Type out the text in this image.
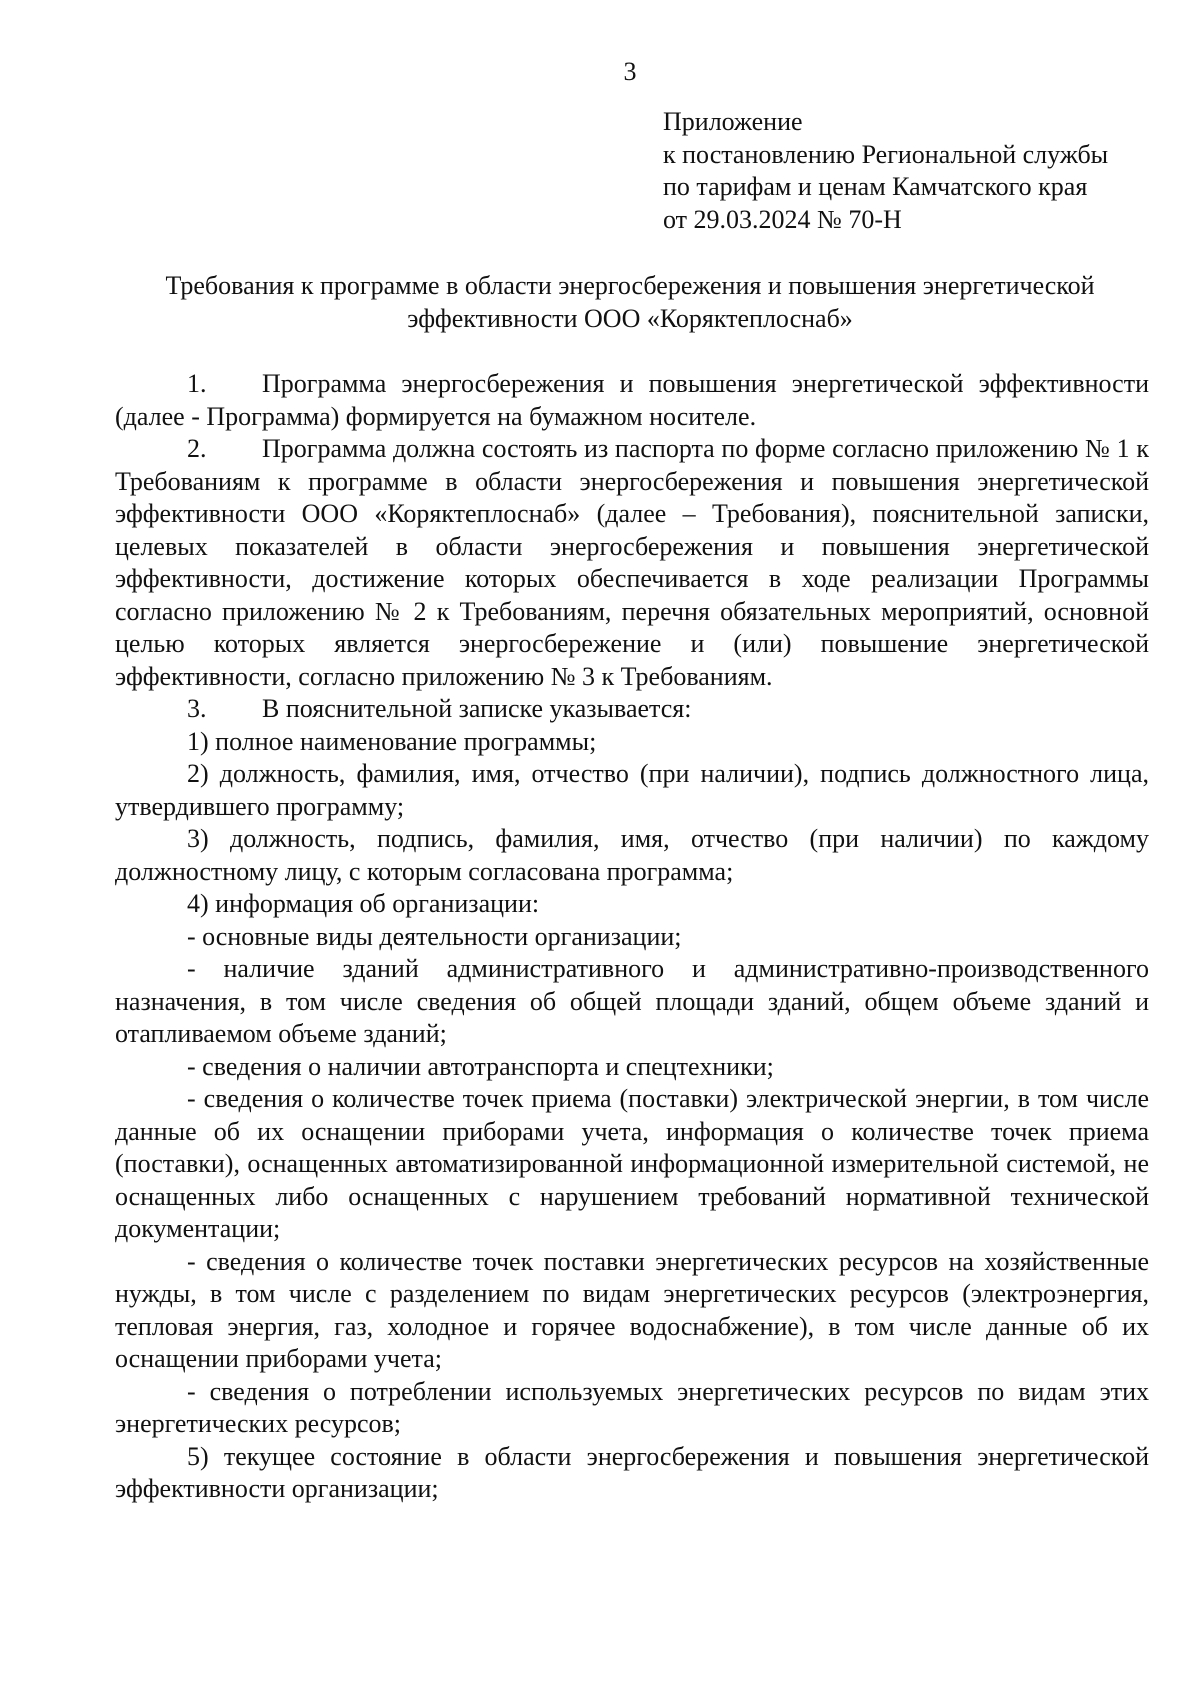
3
Приложение
к постановлению Региональной службы
по тарифам и ценам Камчатского края
от 29.03.2024 № 70-Н
Требования к программе в области энергосбережения и повышения энергетической
эффективности ООО «Коряктеплоснаб»

1. Программа энергосбережения и повышения энергетической эффективности (далее - Программа) формируется на бумажном носителе.

2. Программа должна состоять из паспорта по форме согласно приложению № 1 к Требованиям к программе в области энергосбережения и повышения энергетической эффективности ООО «Коряктеплоснаб» (далее – Требования), пояснительной записки, целевых показателей в области энергосбережения и повышения энергетической эффективности, достижение которых обеспечивается в ходе реализации Программы согласно приложению № 2 к Требованиям, перечня обязательных мероприятий, основной целью которых является энергосбережение и (или) повышение энергетической эффективности, согласно приложению № 3 к Требованиям.

3. В пояснительной записке указывается:

1) полное наименование программы;

2) должность, фамилия, имя, отчество (при наличии), подпись должностного лица, утвердившего программу;

3) должность, подпись, фамилия, имя, отчество (при наличии) по каждому должностному лицу, с которым согласована программа;

4) информация об организации:

- основные виды деятельности организации;

- наличие зданий административного и административно-производственного назначения, в том числе сведения об общей площади зданий, общем объеме зданий и отапливаемом объеме зданий;

- сведения о наличии автотранспорта и спецтехники;

- сведения о количестве точек приема (поставки) электрической энергии, в том числе данные об их оснащении приборами учета, информация о количестве точек приема (поставки), оснащенных автоматизированной информационной измерительной системой, не оснащенных либо оснащенных с нарушением требований нормативной технической документации;

- сведения о количестве точек поставки энергетических ресурсов на хозяйственные нужды, в том числе с разделением по видам энергетических ресурсов (электроэнергия, тепловая энергия, газ, холодное и горячее водоснабжение), в том числе данные об их оснащении приборами учета;

- сведения о потреблении используемых энергетических ресурсов по видам этих энергетических ресурсов;

5) текущее состояние в области энергосбережения и повышения энергетической эффективности организации;
